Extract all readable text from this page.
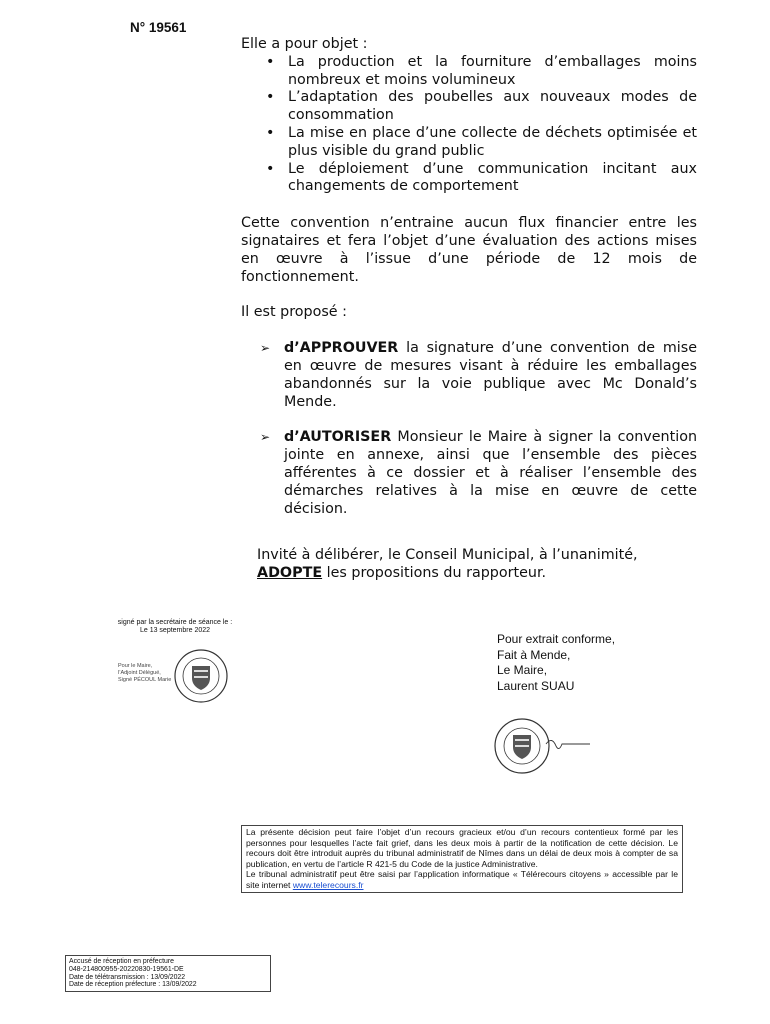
N° 19561

Elle a pour objet :

• La production et la fourniture d’emballages moins nombreux et moins volumineux
• L’adaptation des poubelles aux nouveaux modes de consommation
• La mise en place d’une collecte de déchets optimisée et plus visible du grand public
• Le déploiement d’une communication incitant aux changements de comportement

Cette convention n’entraine aucun flux financier entre les signataires et fera l’objet d’une évaluation des actions mises en œuvre à l’issue d’une période de 12 mois de fonctionnement.

Il est proposé :

➢ d’APPROUVER la signature d’une convention de mise en œuvre de mesures visant à réduire les emballages abandonnés sur la voie publique avec Mc Donald’s Mende.
➢ d’AUTORISER Monsieur le Maire à signer la convention jointe en annexe, ainsi que l’ensemble des pièces afférentes à ce dossier et à réaliser l’ensemble des démarches relatives à la mise en œuvre de cette décision.
Invité à délibérer, le Conseil Municipal, à l’unanimité,
ADOPTE les propositions du rapporteur.
signé par la secrétaire de séance le :
Le 13 septembre 2022
Pour le Maire,
l’Adjoint Délégué,
Signé PÉCOUL Marie
Pour extrait conforme,
Fait à Mende,
Le Maire,
Laurent SUAU
La présente décision peut faire l’objet d’un recours gracieux et/ou d’un recours contentieux formé par les personnes pour lesquelles l’acte fait grief, dans les deux mois à partir de la notification de cette décision. Le recours doit être introduit auprès du tribunal administratif de Nîmes dans un délai de deux mois à compter de sa publication, en vertu de l’article R 421-5 du Code de la justice Administrative.
Le tribunal administratif peut être saisi par l’application informatique « Télérecours citoyens » accessible par le site internet www.telerecours.fr
Accusé de réception en préfecture
048-214800955-20220830-19561-DE
Date de télétransmission : 13/09/2022
Date de réception préfecture : 13/09/2022
